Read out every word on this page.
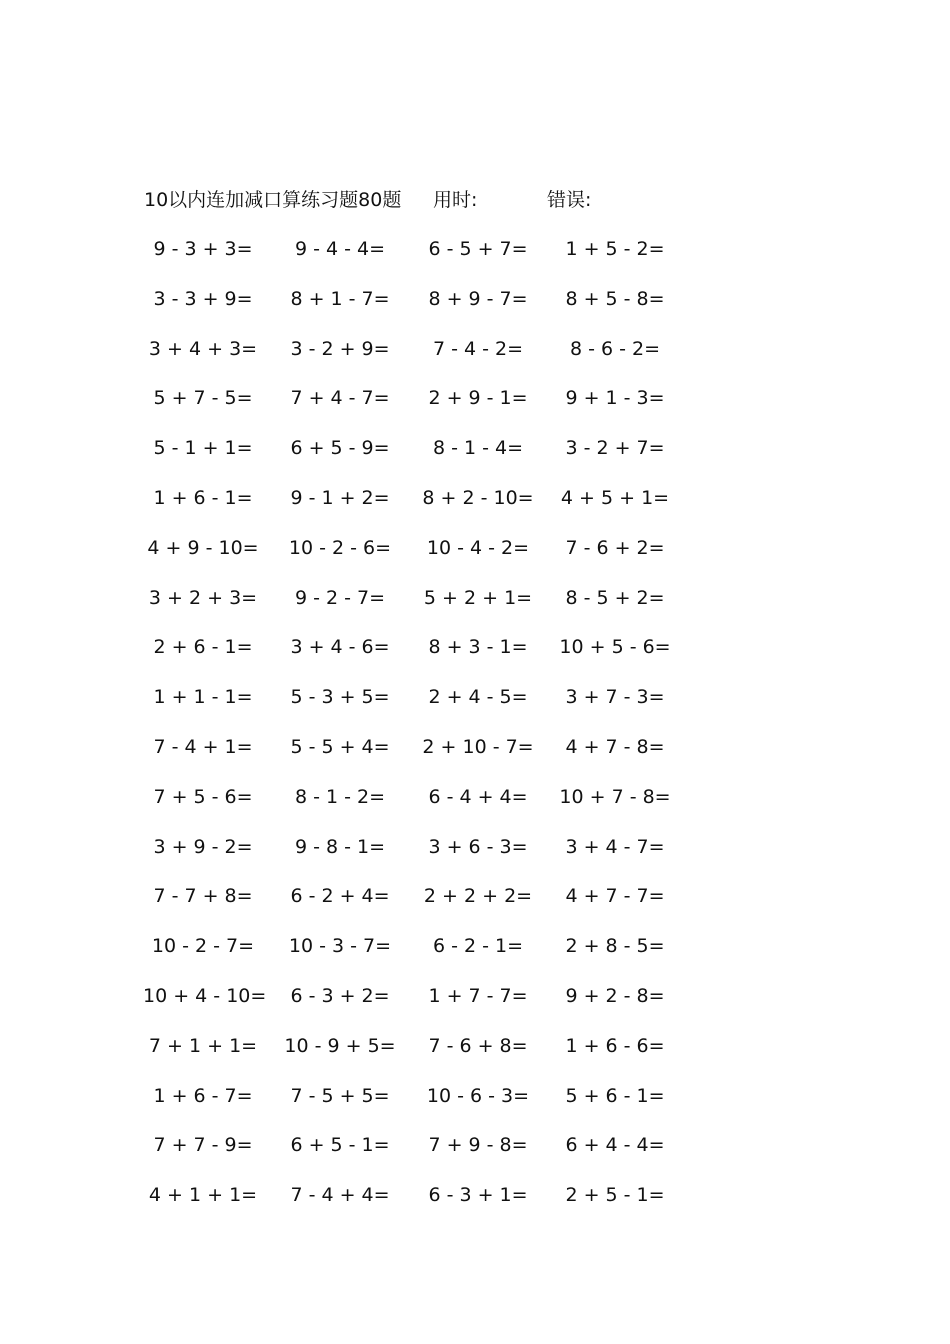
10以内连加减口算练习题80题 用时:	错误:
9 - 3 + 3=	9 - 4 - 4=	6 - 5 + 7=	1 + 5 - 2=
3 - 3 + 9=	8 + 1 - 7=	8 + 9 - 7=	8 + 5 - 8=
3 + 4 + 3=	3 - 2 + 9=	7 - 4 - 2=	8 - 6 - 2=
5 + 7 - 5=	7 + 4 - 7=	2 + 9 - 1=	9 + 1 - 3=
5 - 1 + 1=	6 + 5 - 9=	8 - 1 - 4=	3 - 2 + 7=
1 + 6 - 1=	9 - 1 + 2=	8 + 2 - 10=	4 + 5 + 1=
4 + 9 - 10=	10 - 2 - 6=	10 - 4 - 2=	7 - 6 + 2=
3 + 2 + 3=	9 - 2 - 7=	5 + 2 + 1=	8 - 5 + 2=
2 + 6 - 1=	3 + 4 - 6=	8 + 3 - 1=	10 + 5 - 6=
1 + 1 - 1=	5 - 3 + 5=	2 + 4 - 5=	3 + 7 - 3=
7 - 4 + 1=	5 - 5 + 4=	2 + 10 - 7=	4 + 7 - 8=
7 + 5 - 6=	8 - 1 - 2=	6 - 4 + 4=	10 + 7 - 8=
3 + 9 - 2=	9 - 8 - 1=	3 + 6 - 3=	3 + 4 - 7=
7 - 7 + 8=	6 - 2 + 4=	2 + 2 + 2=	4 + 7 - 7=
10 - 2 - 7=	10 - 3 - 7=	6 - 2 - 1=	2 + 8 - 5=
10 + 4 - 10=	6 - 3 + 2=	1 + 7 - 7=	9 + 2 - 8=
7 + 1 + 1=	10 - 9 + 5=	7 - 6 + 8=	1 + 6 - 6=
1 + 6 - 7=	7 - 5 + 5=	10 - 6 - 3=	5 + 6 - 1=
7 + 7 - 9=	6 + 5 - 1=	7 + 9 - 8=	6 + 4 - 4=
4 + 1 + 1=	7 - 4 + 4=	6 - 3 + 1=	2 + 5 - 1=
